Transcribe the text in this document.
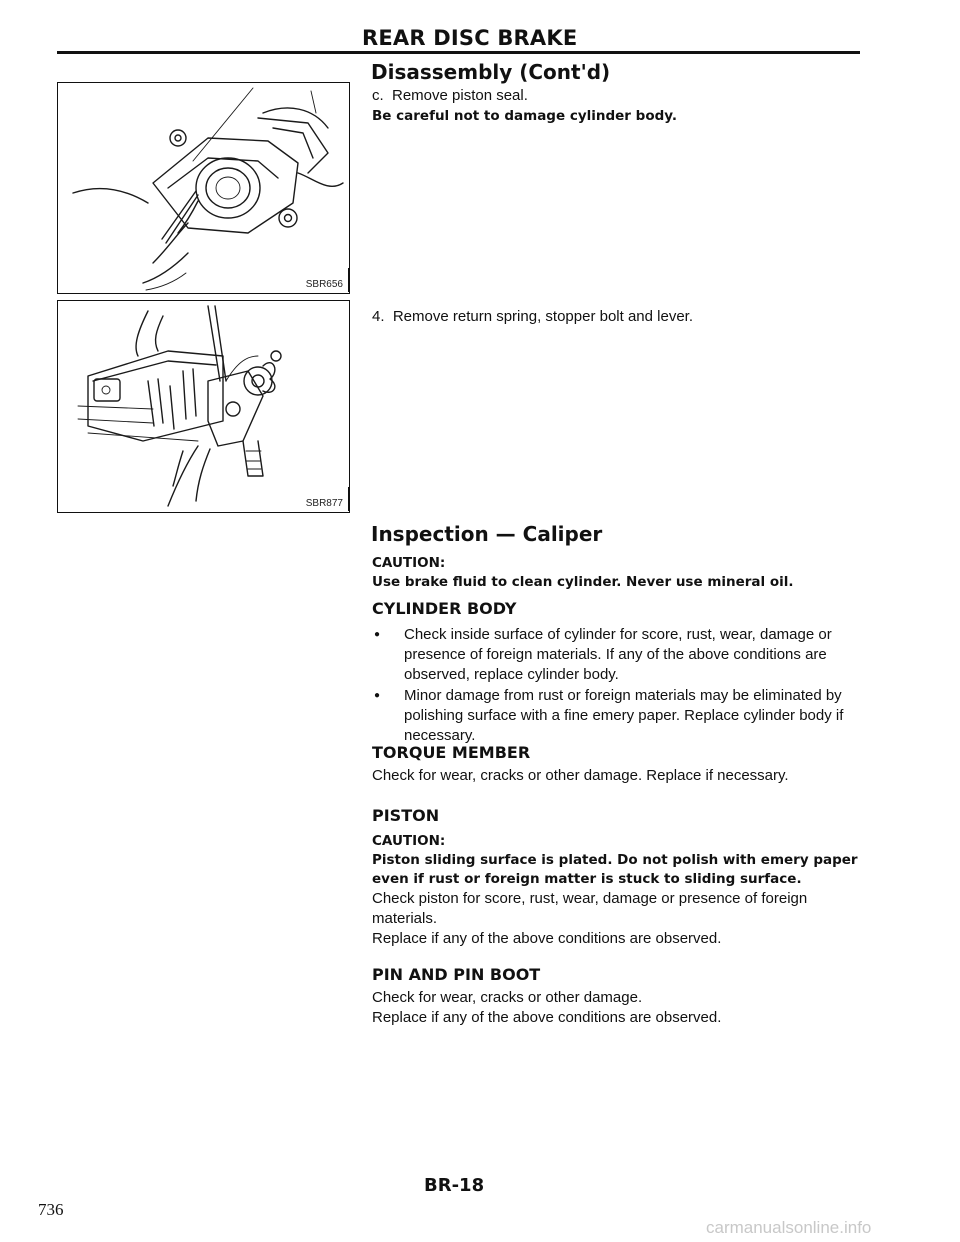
REAR DISC BRAKE
Disassembly (Cont'd)
SBR656
SBR877
c.  Remove piston seal.
Be careful not to damage cylinder body.
4.  Remove return spring, stopper bolt and lever.
Inspection — Caliper
CAUTION:
Use brake fluid to clean cylinder. Never use mineral oil.
CYLINDER BODY
●	Check inside surface of cylinder for score, rust, wear, damage or presence of foreign materials. If any of the above conditions are observed, replace cylinder body.
●	Minor damage from rust or foreign materials may be eliminated by polishing surface with a fine emery paper. Replace cylinder body if necessary.
TORQUE MEMBER
Check for wear, cracks or other damage. Replace if necessary.
PISTON
CAUTION:
Piston sliding surface is plated. Do not polish with emery paper even if rust or foreign matter is stuck to sliding surface.
Check piston for score, rust, wear, damage or presence of foreign materials.
Replace if any of the above conditions are observed.
PIN AND PIN BOOT
Check for wear, cracks or other damage.
Replace if any of the above conditions are observed.
BR-18
736
carmanualsonline.info
